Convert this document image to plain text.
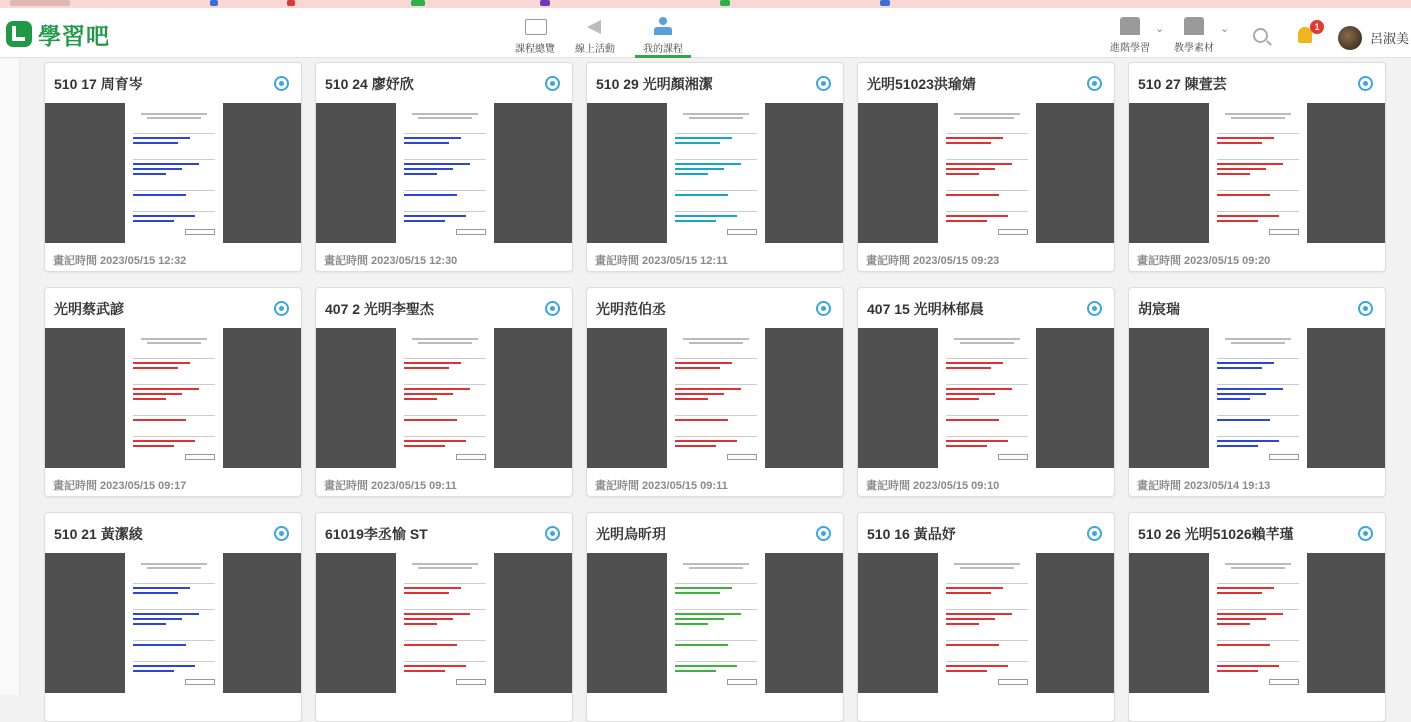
學習吧
課程總覽	線上活動	我的課程	進階學習
⌄
教學素材
⌄	1
呂淑美
510 17 周育岑
畫記時間 2023/05/15 12:32
510 24 廖妤欣
畫記時間 2023/05/15 12:30
510 29 光明顏湘潔
畫記時間 2023/05/15 12:11
光明51023洪瑜婧
畫記時間 2023/05/15 09:23
510 27 陳萱芸
畫記時間 2023/05/15 09:20
光明蔡武諺
畫記時間 2023/05/15 09:17
407 2 光明李聖杰
畫記時間 2023/05/15 09:11
光明范伯丞
畫記時間 2023/05/15 09:11
407 15 光明林郁晨
畫記時間 2023/05/15 09:10
胡宸瑞
畫記時間 2023/05/14 19:13
510 21 黃潔綾	61019李丞愉 ST	光明烏昕玥	510 16 黃品妤	510 26 光明51026賴芊瑾
